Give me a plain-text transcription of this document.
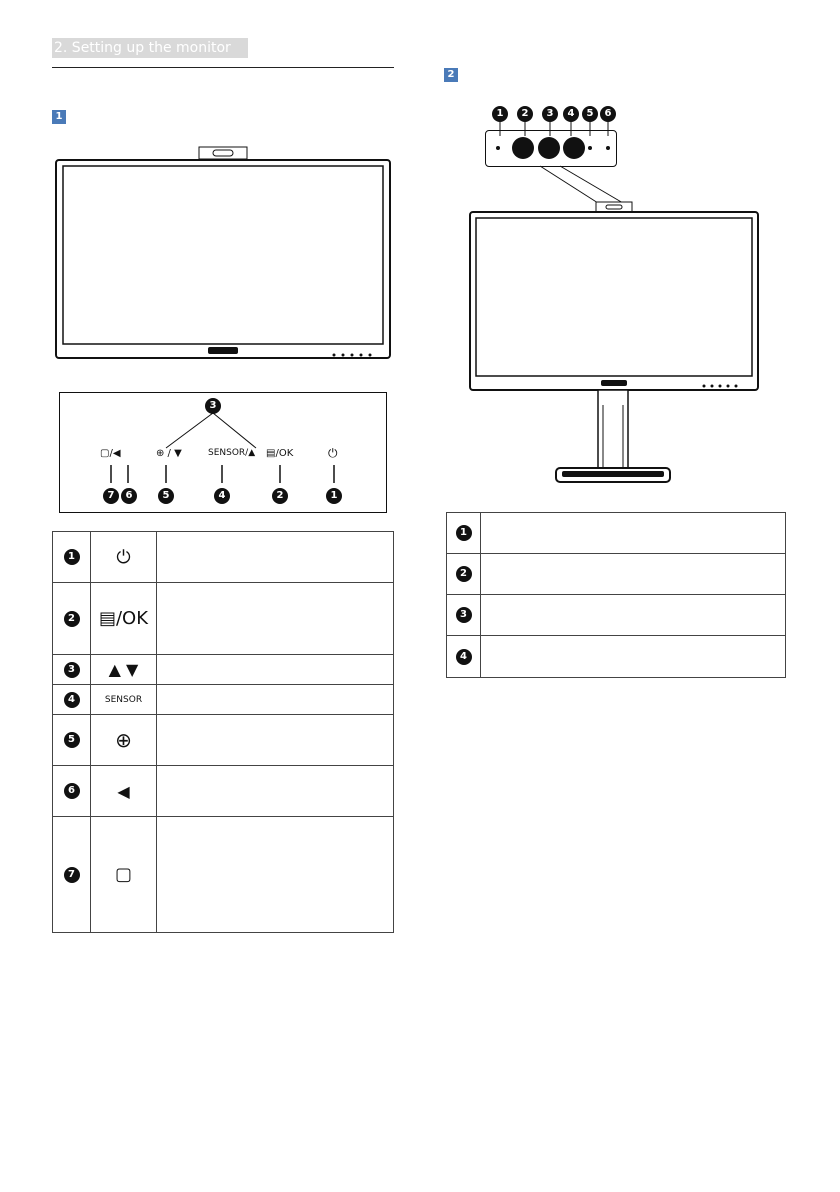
2. Setting up the monitor
1
2
3
▢/◀	⊕ / ▼	SENSOR/▲ ▤/OK	⏻
7	6	5	4	2	1
1	⏻	

2	▤/OK	

3	▲ ▼	

4	SENSOR	

5	⊕	

6	◀	

7	▢	
1	2	3	4	5	6
1	

2	

3	

4	
